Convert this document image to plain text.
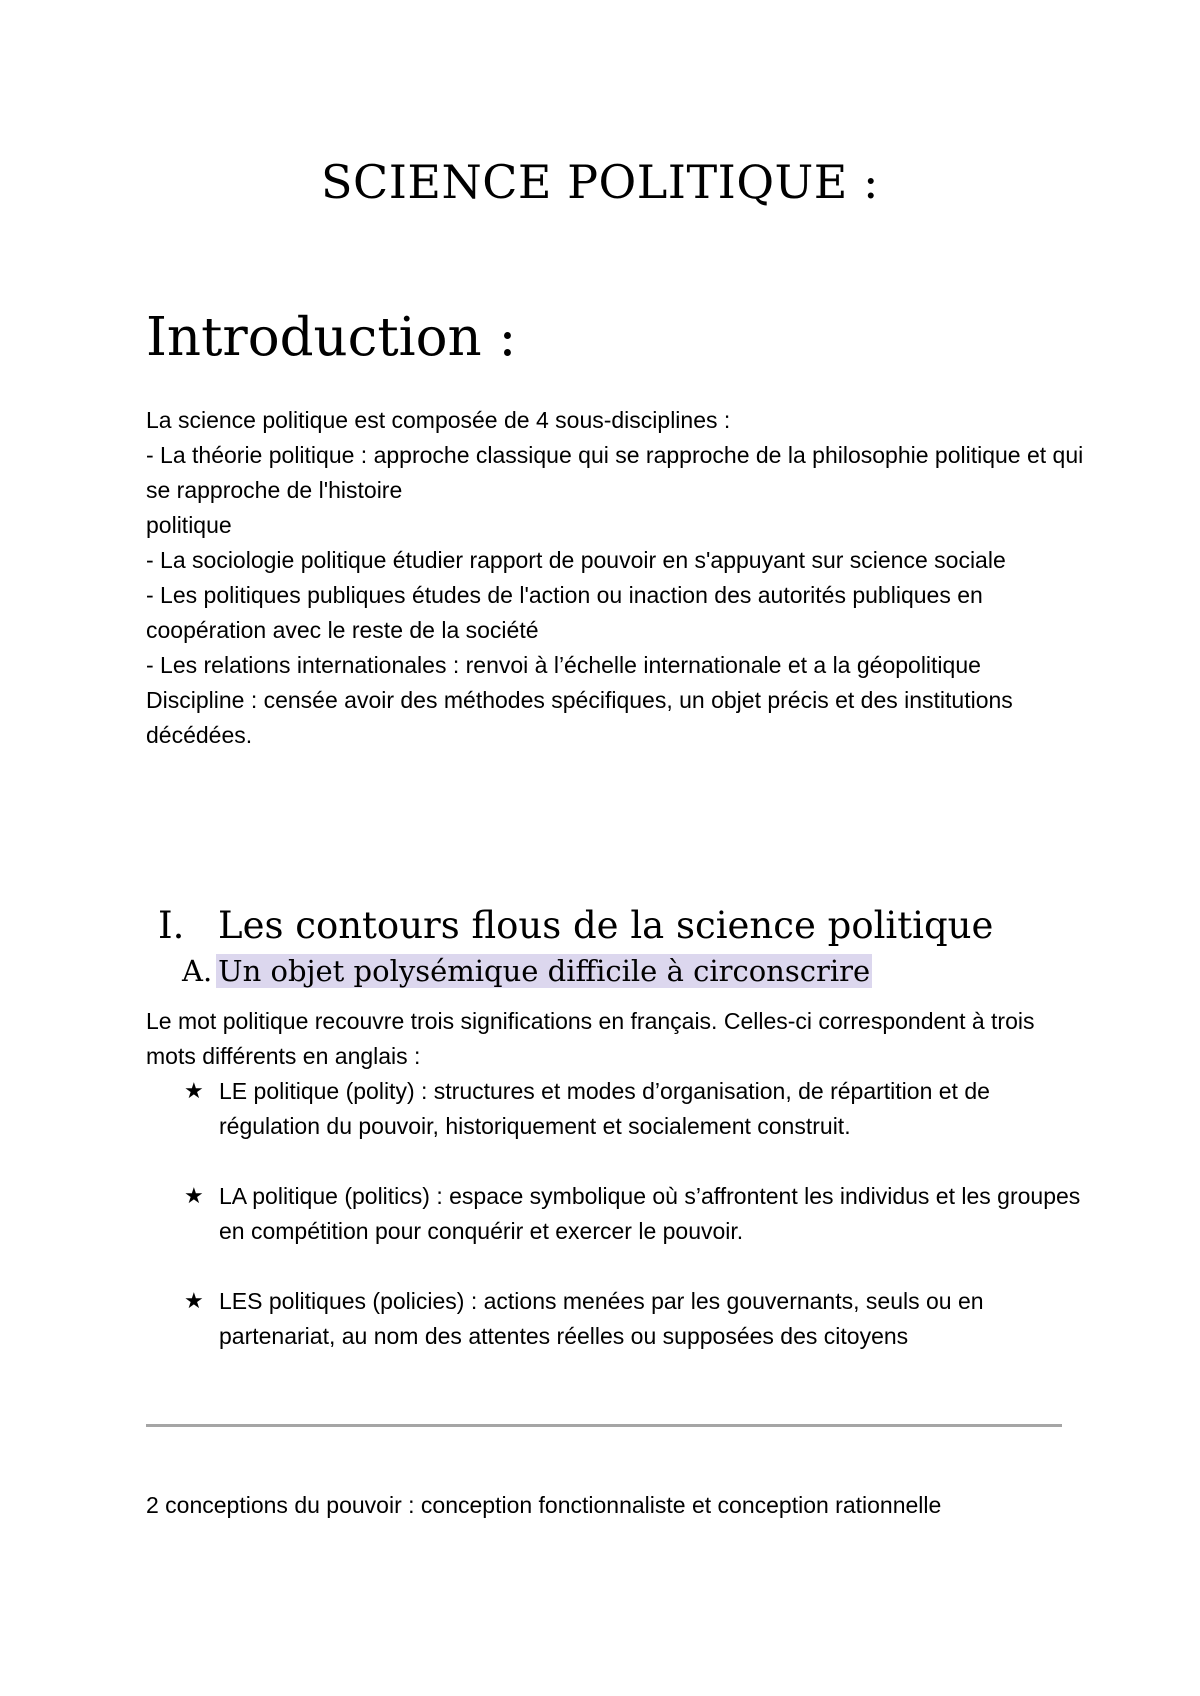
SCIENCE POLITIQUE :
Introduction :

La science politique est composée de 4 sous-disciplines :

- La théorie politique : approche classique qui se rapproche de la philosophie politique et qui se rapproche de l'histoire

politique

- La sociologie politique étudier rapport de pouvoir en s'appuyant sur science sociale

- Les politiques publiques études de l'action ou inaction des autorités publiques en coopération avec le reste de la société

- Les relations internationales : renvoi à l’échelle internationale et a la géopolitique

Discipline : censée avoir des méthodes spécifiques, un objet précis et des institutions décédées.

I. Les contours flous de la science politique
A. Un objet polysémique difficile à circonscrire

Le mot politique recouvre trois significations en français. Celles-ci correspondent à trois mots différents en anglais :

★ LE politique (polity) : structures et modes d’organisation, de répartition et de régulation du pouvoir, historiquement et socialement construit.
★ LA politique (politics) : espace symbolique où s’affrontent les individus et les groupes en compétition pour conquérir et exercer le pouvoir.
★ LES politiques (policies) : actions menées par les gouvernants, seuls ou en partenariat, au nom des attentes réelles ou supposées des citoyens

2 conceptions du pouvoir : conception fonctionnaliste et conception rationnelle
